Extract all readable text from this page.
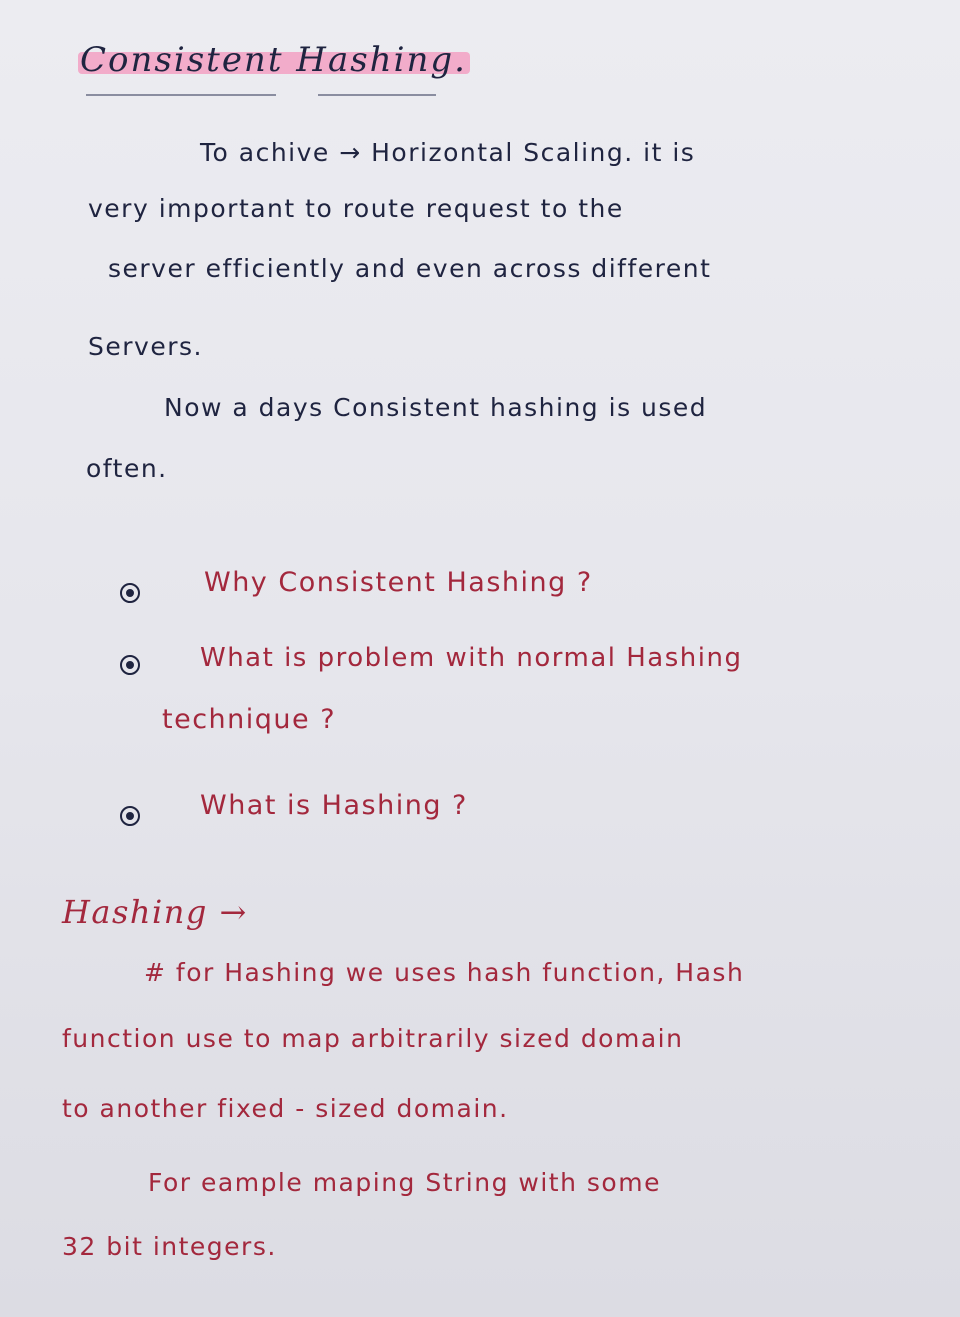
Consistent Hashing.
To achive → Horizontal Scaling. it is
very important to route request to the
server efficiently and even across different
Servers.
Now a days Consistent hashing is used
often.
Why Consistent Hashing ?
What is problem with normal Hashing
technique ?
What is Hashing ?
Hashing →
# for Hashing we uses hash function, Hash
function use to map arbitrarily sized domain
to another fixed - sized domain.
For eample maping String with some
32 bit integers.
